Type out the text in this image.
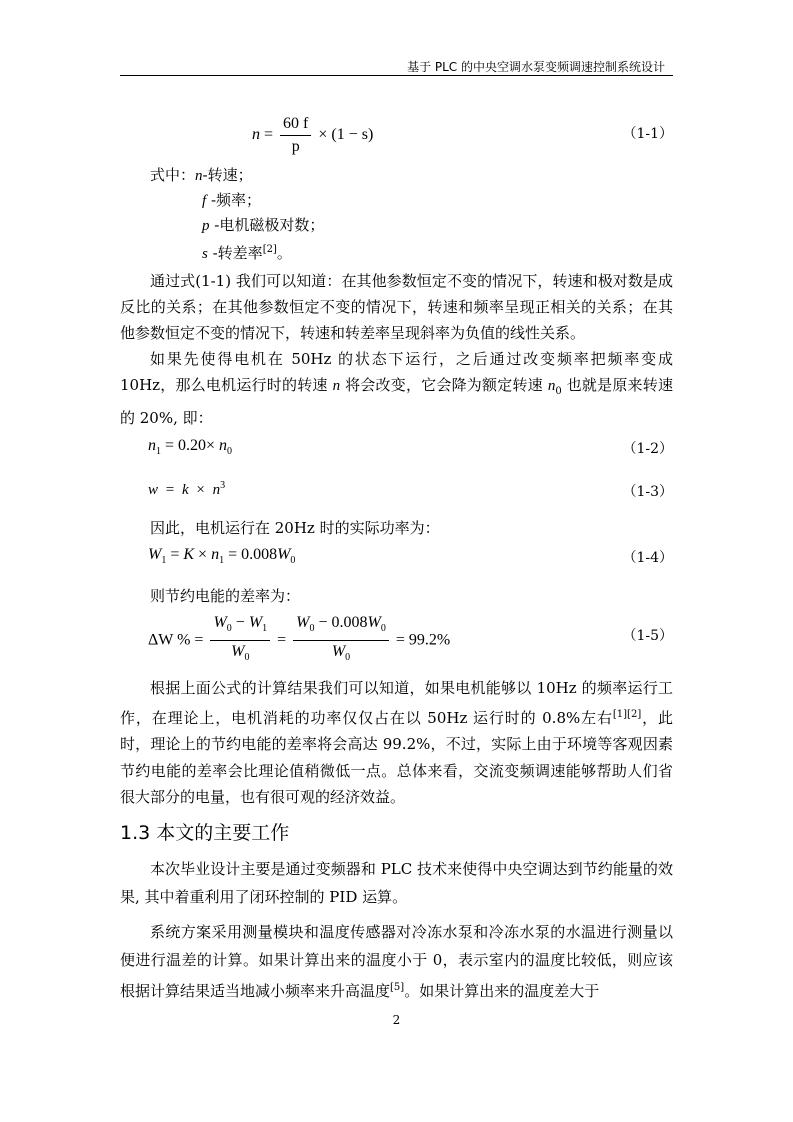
基于 PLC 的中央空调水泵变频调速控制系统设计
$n = \frac{60 f}{p} \times (1 - s)$	（1-1）
式中：n-转速；
f -频率；
p -电机磁极对数；
s -转差率[2]。

通过式(1-1) 我们可以知道：在其他参数恒定不变的情况下，转速和极对数是成反比的关系；在其他参数恒定不变的情况下，转速和频率呈现正相关的关系；在其他参数恒定不变的情况下，转速和转差率呈现斜率为负值的线性关系。

如果先使得电机在 50Hz 的状态下运行，之后通过改变频率把频率变成 10Hz，那么电机运行时的转速 n 将会改变，它会降为额定转速 $n_0$ 也就是原来转速的 20%, 即：

$n_1 = 0.20\times n_0$	（1-2）
$w = k \times n^3$	（1-3）

因此，电机运行在 20Hz 时的实际功率为：

$W_1 = K \times n_1 = 0.008W_0$	（1-4）

则节约电能的差率为：

ΔW % = $\frac{W_0 - W_1}{W_0} = \frac{W_0 - 0.008W_0}{W_0} = 99.2\%$	（1-5）

根据上面公式的计算结果我们可以知道，如果电机能够以 10Hz 的频率运行工作，在理论上，电机消耗的功率仅仅占在以 50Hz 运行时的 0.8%左右[1][2]，此时，理论上的节约电能的差率将会高达 99.2%，不过，实际上由于环境等客观因素节约电能的差率会比理论值稍微低一点。总体来看，交流变频调速能够帮助人们省很大部分的电量，也有很可观的经济效益。

1.3 本文的主要工作

本次毕业设计主要是通过变频器和 PLC 技术来使得中央空调达到节约能量的效果, 其中着重利用了闭环控制的 PID 运算。

系统方案采用测量模块和温度传感器对冷冻水泵和冷冻水泵的水温进行测量以便进行温差的计算。如果计算出来的温度小于 0，表示室内的温度比较低，则应该根据计算结果适当地减小频率来升高温度[5]。如果计算出来的温度差大于

2
